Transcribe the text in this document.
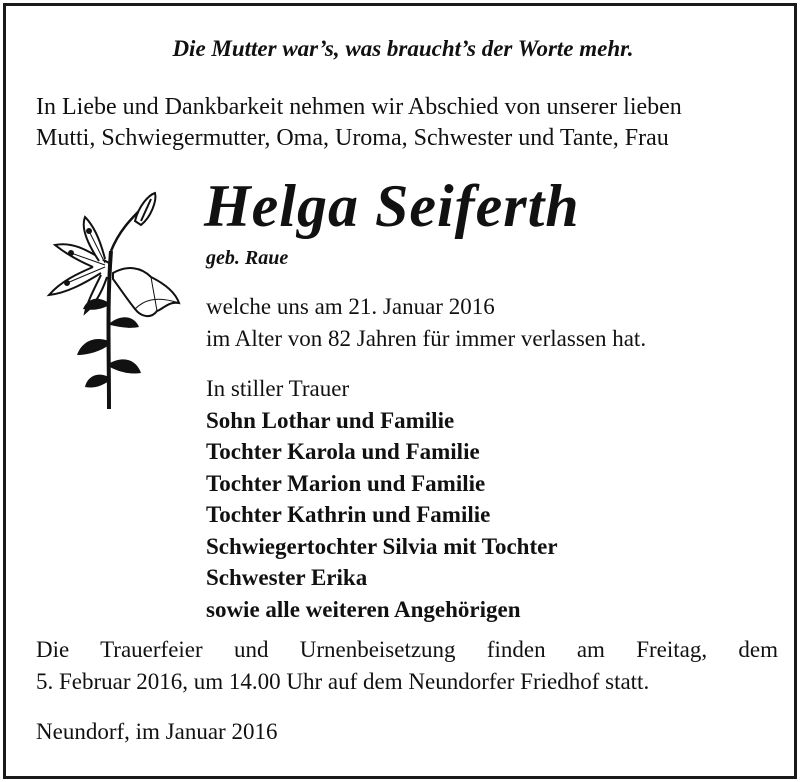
Die Mutter war’s, was braucht’s der Worte mehr.
In Liebe und Dankbarkeit nehmen wir Abschied von unserer lieben
Mutti, Schwiegermutter, Oma, Uroma, Schwester und Tante, Frau
Helga Seiferth
geb. Raue
welche uns am 21. Januar 2016
im Alter von 82 Jahren für immer verlassen hat.
In stiller Trauer
Sohn Lothar und Familie
Tochter Karola und Familie
Tochter Marion und Familie
Tochter Kathrin und Familie
Schwiegertochter Silvia mit Tochter
Schwester Erika
sowie alle weiteren Angehörigen
Die Trauerfeier und Urnenbeisetzung finden am Freitag, dem
5. Februar 2016, um 14.00 Uhr auf dem Neundorfer Friedhof statt.
Neundorf, im Januar 2016
